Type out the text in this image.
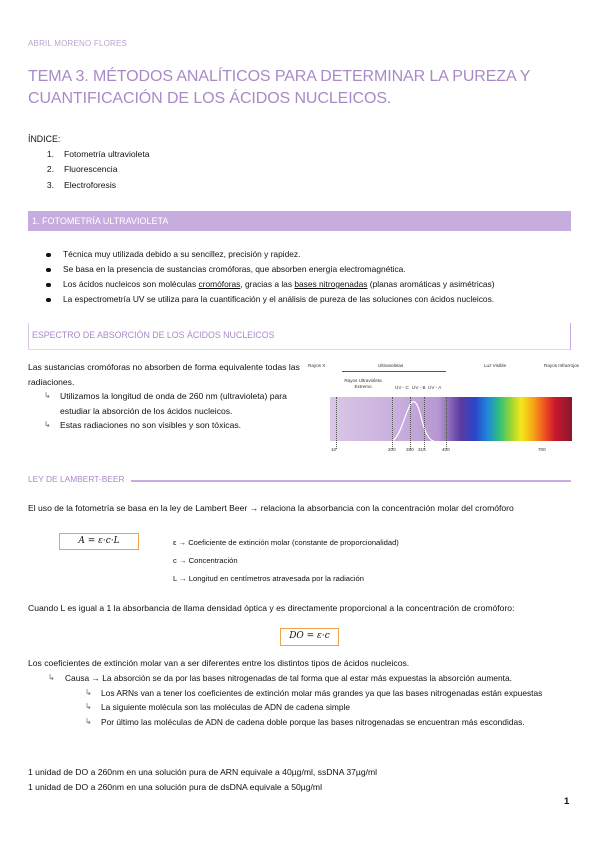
ABRIL MORENO FLORES
TEMA 3. MÉTODOS ANALÍTICOS PARA DETERMINAR LA PUREZA Y CUANTIFICACIÓN DE LOS ÁCIDOS NUCLEICOS.
ÍNDICE:
1.	Fotometría ultravioleta
2.	Fluorescencia
3.	Electroforesis
1. FOTOMETRÍA ULTRAVIOLETA
Técnica muy utilizada debido a su sencillez, precisión y rapidez.
Se basa en la presencia de sustancias cromóforas, que absorben energía electromagnética.
Los ácidos nucleicos son moléculas cromóforas, gracias a las bases nitrogenadas (planas aromáticas y asimétricas)
La espectrometría UV se utiliza para la cuantificación y el análisis de pureza de las soluciones con ácidos nucleicos.
ESPECTRO DE ABSORCIÓN DE LOS ÁCIDOS NUCLEICOS
Las sustancias cromóforas no absorben de forma equivalente todas las radiaciones.
↳ Utilizamos la longitud de onda de 260 nm (ultravioleta) para estudiar la absorción de los ácidos nucleicos.
↳ Estas radiaciones no son visibles y son tóxicas.
Rayos X	Ultravioletas	Luz Visible	Rayos Infrarrojos
Rayos Ultravioleta Extremo	UV - C UV - B UV - A
10	200 280 315	400	700
LEY DE LAMBERT-BEER
El uso de la fotometría se basa en la ley de Lambert Beer → relaciona la absorbancia con la concentración molar del cromóforo
A = ε·c·L	ε → Coeficiente de extinción molar (constante de proporcionalidad)
c → Concentración
L → Longitud en centímetros atravesada por la radiación
Cuando L es igual a 1 la absorbancia de llama densidad óptica y es directamente proporcional a la concentración de cromóforo:
DO = ε·c
Los coeficientes de extinción molar van a ser diferentes entre los distintos tipos de ácidos nucleicos.
↳ Causa → La absorción se da por las bases nitrogenadas de tal forma que al estar más expuestas la absorción aumenta.
↳ Los ARNs van a tener los coeficientes de extinción molar más grandes ya que las bases nitrogenadas están expuestas
↳ La siguiente molécula son las moléculas de ADN de cadena simple
↳ Por último las moléculas de ADN de cadena doble porque las bases nitrogenadas se encuentran más escondidas.
1 unidad de DO a 260nm en una solución pura de ARN equivale a 40µg/ml, ssDNA 37µg/ml
1 unidad de DO a 260nm en una solución pura de dsDNA equivale a 50µg/ml
1
